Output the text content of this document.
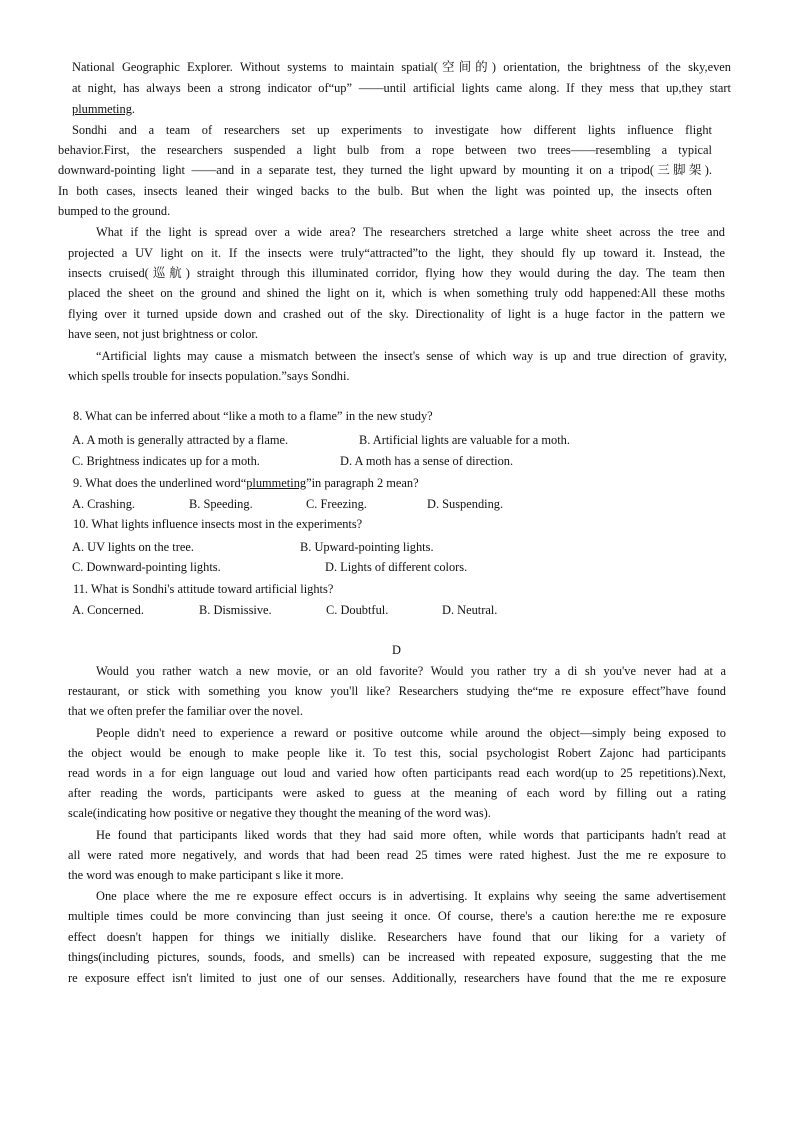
National Geographic Explorer. Without systems to maintain spatial(空间的) orientation, the brightness of the sky,even
at night, has always been a strong indicator of“up” ——until artificial lights came along. If they mess that up,they start
plummeting.
Sondhi and a team of researchers set up experiments to investigate how different lights influence flight
behavior.First, the researchers suspended a light bulb from a rope between two trees——resembling a typical
downward-pointing light ——and in a separate test, they turned the light upward by mounting it on a tripod(三脚架).
In both cases, insects leaned their winged backs to the bulb. But when the light was pointed up, the insects often
bumped to the ground.
What if the light is spread over a wide area? The researchers stretched a large white sheet across the tree and
projected a UV light on it. If the insects were truly“attracted”to the light, they should fly up toward it. Instead, the
insects cruised(巡航) straight through this illuminated corridor, flying how they would during the day. The team then
placed the sheet on the ground and shined the light on it, which is when something truly odd happened:All these moths
flying over it turned upside down and crashed out of the sky. Directionality of light is a huge factor in the pattern we
have seen, not just brightness or color.
“Artificial lights may cause a mismatch between the insect's sense of which way is up and true direction of gravity,
which spells trouble for insects population.”says Sondhi.
8. What can be inferred about “like a moth to a flame” in the new study?
A. A moth is generally attracted by a flame.	B. Artificial lights are valuable for a moth.
C. Brightness indicates up for a moth.	D. A moth has a sense of direction.
9. What does the underlined word“plummeting”in paragraph 2 mean?
A. Crashing.	B. Speeding.	C. Freezing.	D. Suspending.
10. What lights influence insects most in the experiments?
A. UV lights on the tree.	B. Upward-pointing lights.
C. Downward-pointing lights.	D. Lights of different colors.
11. What is Sondhi's attitude toward artificial lights?
A. Concerned.	B. Dismissive.	C. Doubtful.	D. Neutral.
D
Would you rather watch a new movie, or an old favorite? Would you rather try a di sh you've never had at a
restaurant, or stick with something you know you'll like? Researchers studying the“me re exposure effect”have found
that we often prefer the familiar over the novel.
People didn't need to experience a reward or positive outcome while around the object—simply being exposed to
the object would be enough to make people like it. To test this, social psychologist Robert Zajonc had participants
read words in a for eign language out loud and varied how often participants read each word(up to 25 repetitions).Next,
after reading the words, participants were asked to guess at the meaning of each word by filling out a rating
scale(indicating how positive or negative they thought the meaning of the word was).
He found that participants liked words that they had said more often, while words that participants hadn't read at
all were rated more negatively, and words that had been read 25 times were rated highest. Just the me re exposure to
the word was enough to make participant s like it more.
One place where the me re exposure effect occurs is in advertising. It explains why seeing the same advertisement
multiple times could be more convincing than just seeing it once. Of course, there's a caution here:the me re exposure
effect doesn't happen for things we initially dislike. Researchers have found that our liking for a variety of
things(including pictures, sounds, foods, and smells) can be increased with repeated exposure, suggesting that the me
re exposure effect isn't limited to just one of our senses. Additionally, researchers have found that the me re exposure
